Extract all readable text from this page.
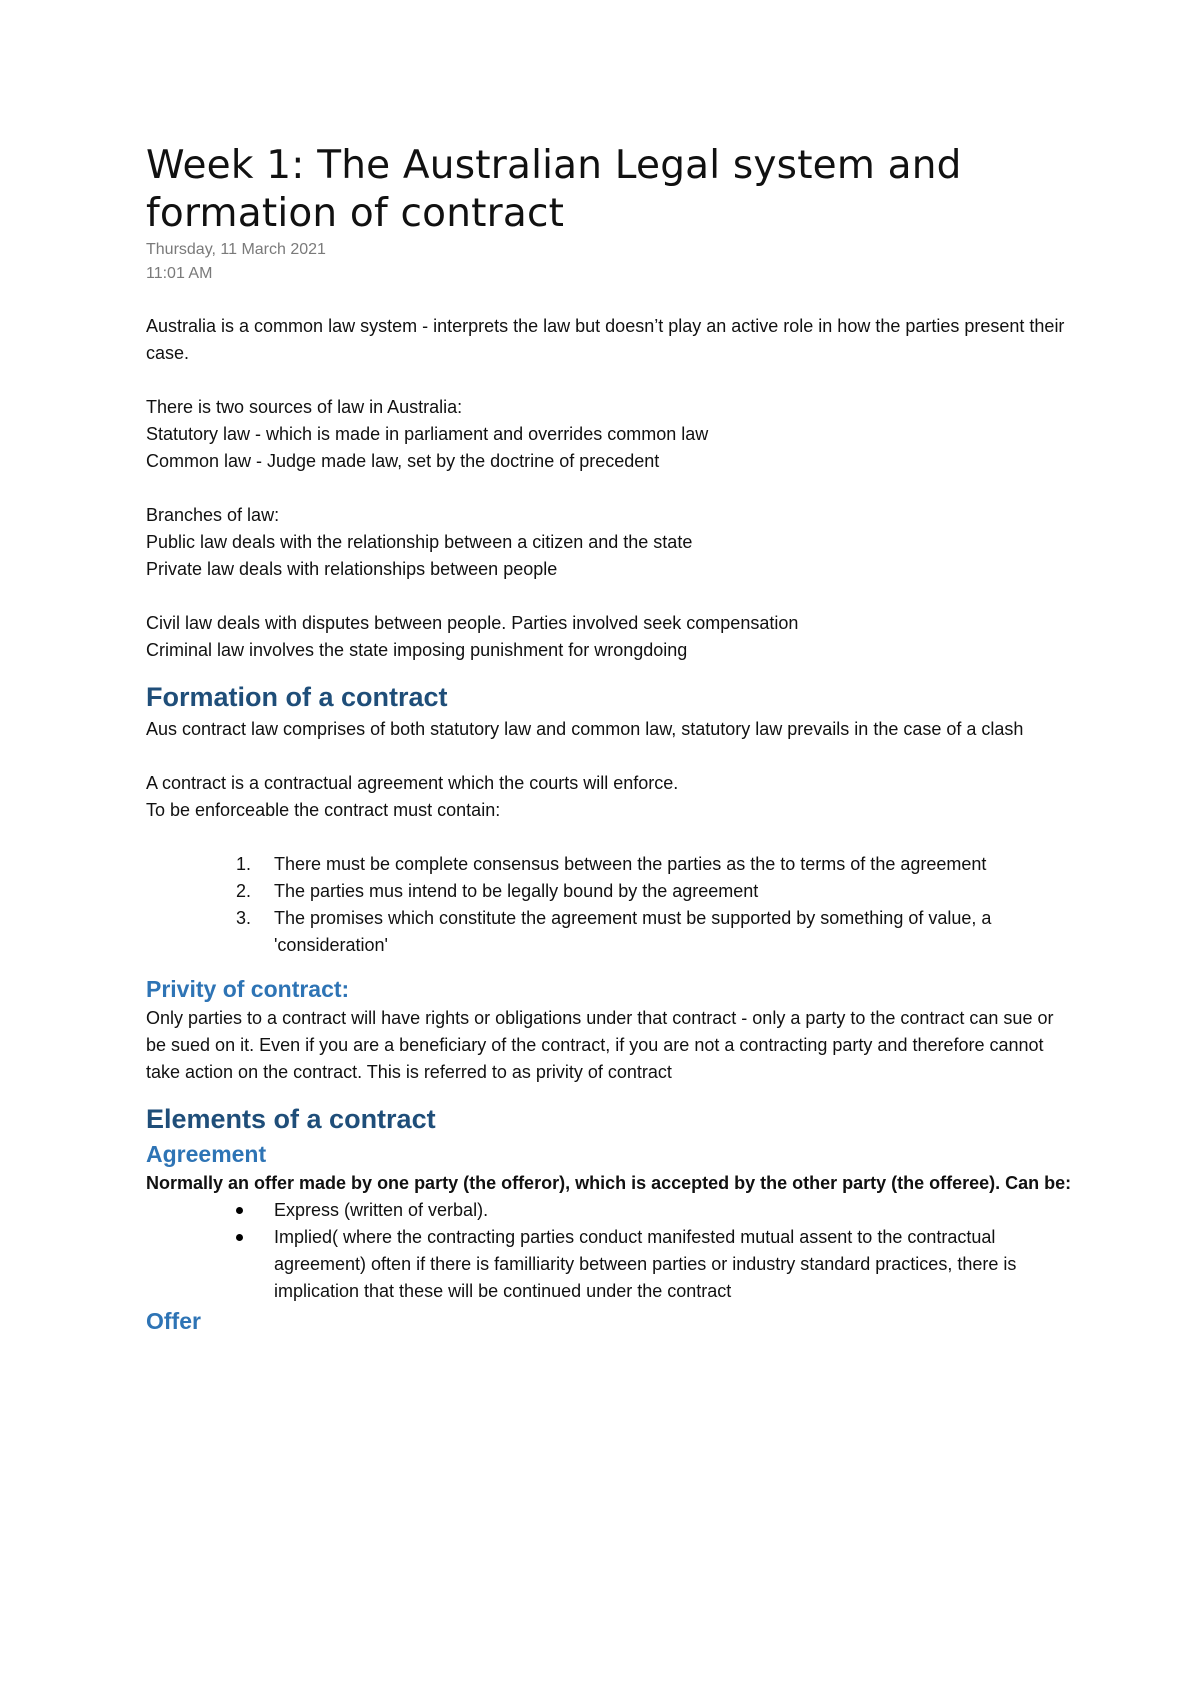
Week 1: The Australian Legal system and
formation of contract
Thursday, 11 March 2021
11:01 AM

Australia is a common law system - interprets the law but doesn’t play an active role in how the parties present their case.

There is two sources of law in Australia:

Statutory law - which is made in parliament and overrides common law

Common law - Judge made law, set by the doctrine of precedent

Branches of law:

Public law deals with the relationship between a citizen and the state

Private law deals with relationships between people

Civil law deals with disputes between people. Parties involved seek compensation

Criminal law involves the state imposing punishment for wrongdoing

Formation of a contract

Aus contract law comprises of both statutory law and common law, statutory law prevails in the case of a clash

A contract is a contractual agreement which the courts will enforce.

To be enforceable the contract must contain:

1. There must be complete consensus between the parties as the to terms of the agreement
2. The parties mus intend to be legally bound by the agreement
3. The promises which constitute the agreement must be supported by something of value, a 'consideration'
Privity of contract:

Only parties to a contract will have rights or obligations under that contract - only a party to the contract can sue or be sued on it. Even if you are a beneficiary of the contract, if you are not a contracting party and therefore cannot take action on the contract. This is referred to as privity of contract

Elements of a contract
Agreement

Normally an offer made by one party (the offeror), which is accepted by the other party (the offeree). Can be:

Express (written of verbal).
Implied( where the contracting parties conduct manifested mutual assent to the contractual agreement) often if there is familliarity between parties or industry standard practices, there is implication that these will be continued under the contract
Offer
